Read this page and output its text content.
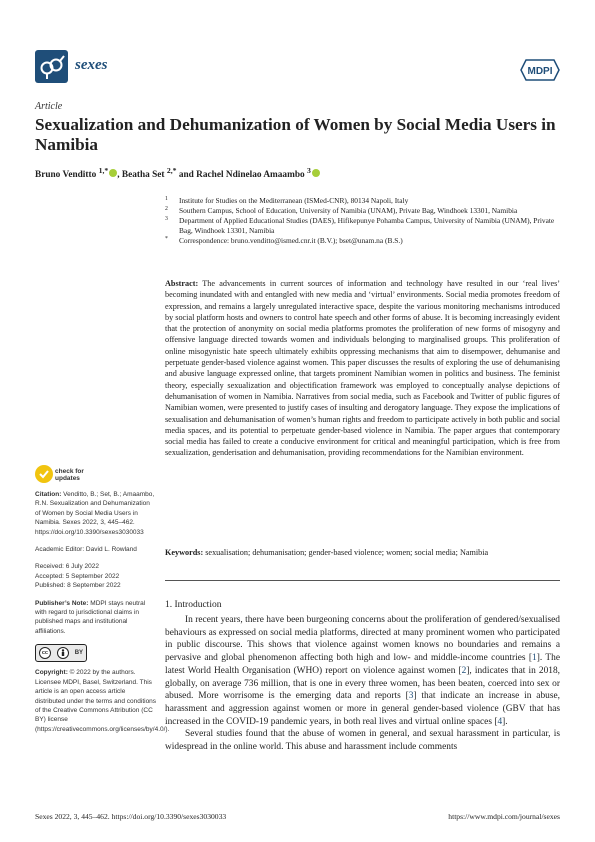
sexes	MDPI
Article
Sexualization and Dehumanization of Women by Social Media Users in Namibia
Bruno Venditto $^{1,*}$ , Beatha Set $^{2,*}$ and Rachel Ndinelao Amaambo $^3$
1 Institute for Studies on the Mediterranean (ISMed-CNR), 80134 Napoli, Italy
2 Southern Campus, School of Education, University of Namibia (UNAM), Private Bag, Windhoek 13301, Namibia
3 Department of Applied Educational Studies (DAES), Hifikepunye Pohamba Campus, University of Namibia (UNAM), Private Bag, Windhoek 13301, Namibia
* Correspondence: bruno.venditto@ismed.cnr.it (B.V.); bset@unam.na (B.S.)
Abstract: The advancements in current sources of information and technology have resulted in our ‘real lives’ becoming inundated with and entangled with new media and ‘virtual’ environments. Social media promotes freedom of expression, and remains a largely unregulated interactive space, despite the various monitoring mechanisms introduced by social platform hosts and owners to control hate speech and other forms of abuse. It is becoming increasingly evident that the protection of anonymity on social media platforms promotes the proliferation of new forms of misogyny and offensive language directed towards women and individuals belonging to marginalised groups. This proliferation of online misogynistic hate speech ultimately exhibits oppressing mechanisms that aim to disempower, dehumanise and perpetuate gender-based violence against women. This paper discusses the results of exploring the use of dehumanising and abusive language expressed online, that targets prominent Namibian women in politics and business. The feminist theory, especially sexualization and objectification framework was employed to conceptually analyse depictions of dehumanisation of women in Namibia. Narratives from social media, such as Facebook and Twitter of public figures of Namibian women, were presented to justify cases of insulting and derogatory language. They expose the implications of sexualisation and dehumanisation of women’s human rights and freedom to participate actively in both public and social media spaces, and its potential to perpetuate gender-based violence in Namibia. The paper argues that contemporary social media has failed to create a conducive environment for critical and meaningful participation, which is free from sexualization, genderisation and dehumanisation, providing recommendations for the Namibian environment.
Keywords: sexualisation; dehumanisation; gender-based violence; women; social media; Namibia
1. Introduction

In recent years, there have been burgeoning concerns about the proliferation of gendered/sexualised behaviours as expressed on social media platforms, directed at many prominent women who participated in public discourse. This shows that violence against women knows no boundaries and remains a pervasive and global phenomenon affecting both high and low- and middle-income countries [1]. The latest World Health Organisation (WHO) report on violence against women [2], indicates that in 2018, globally, on average 736 million, that is one in every three women, has been beaten, coerced into sex or abused. More worrisome is the emerging data and reports [3] that indicate an increase in abuse, harassment and aggression against women or more in general gender-based violence (GBV that has increased in the COVID-19 pandemic years, in both real lives and virtual online spaces [4].

Several studies found that the abuse of women in general, and sexual harassment in particular, is widespread in the online world. This abuse and harassment include comments

check for
updates
Citation: Venditto, B.; Set, B.; Amaambo, R.N. Sexualization and Dehumanization of Women by Social Media Users in Namibia. Sexes 2022, 3, 445–462. https://doi.org/10.3390/sexes3030033
Academic Editor: David L. Rowland
Received: 6 July 2022
Accepted: 5 September 2022
Published: 8 September 2022
Publisher’s Note: MDPI stays neutral with regard to jurisdictional claims in published maps and institutional affiliations.
cc	BY
Copyright: © 2022 by the authors. Licensee MDPI, Basel, Switzerland. This article is an open access article distributed under the terms and conditions of the Creative Commons Attribution (CC BY) license (https://creativecommons.org/licenses/by/4.0/).
Sexes 2022, 3, 445–462. https://doi.org/10.3390/sexes3030033	https://www.mdpi.com/journal/sexes
